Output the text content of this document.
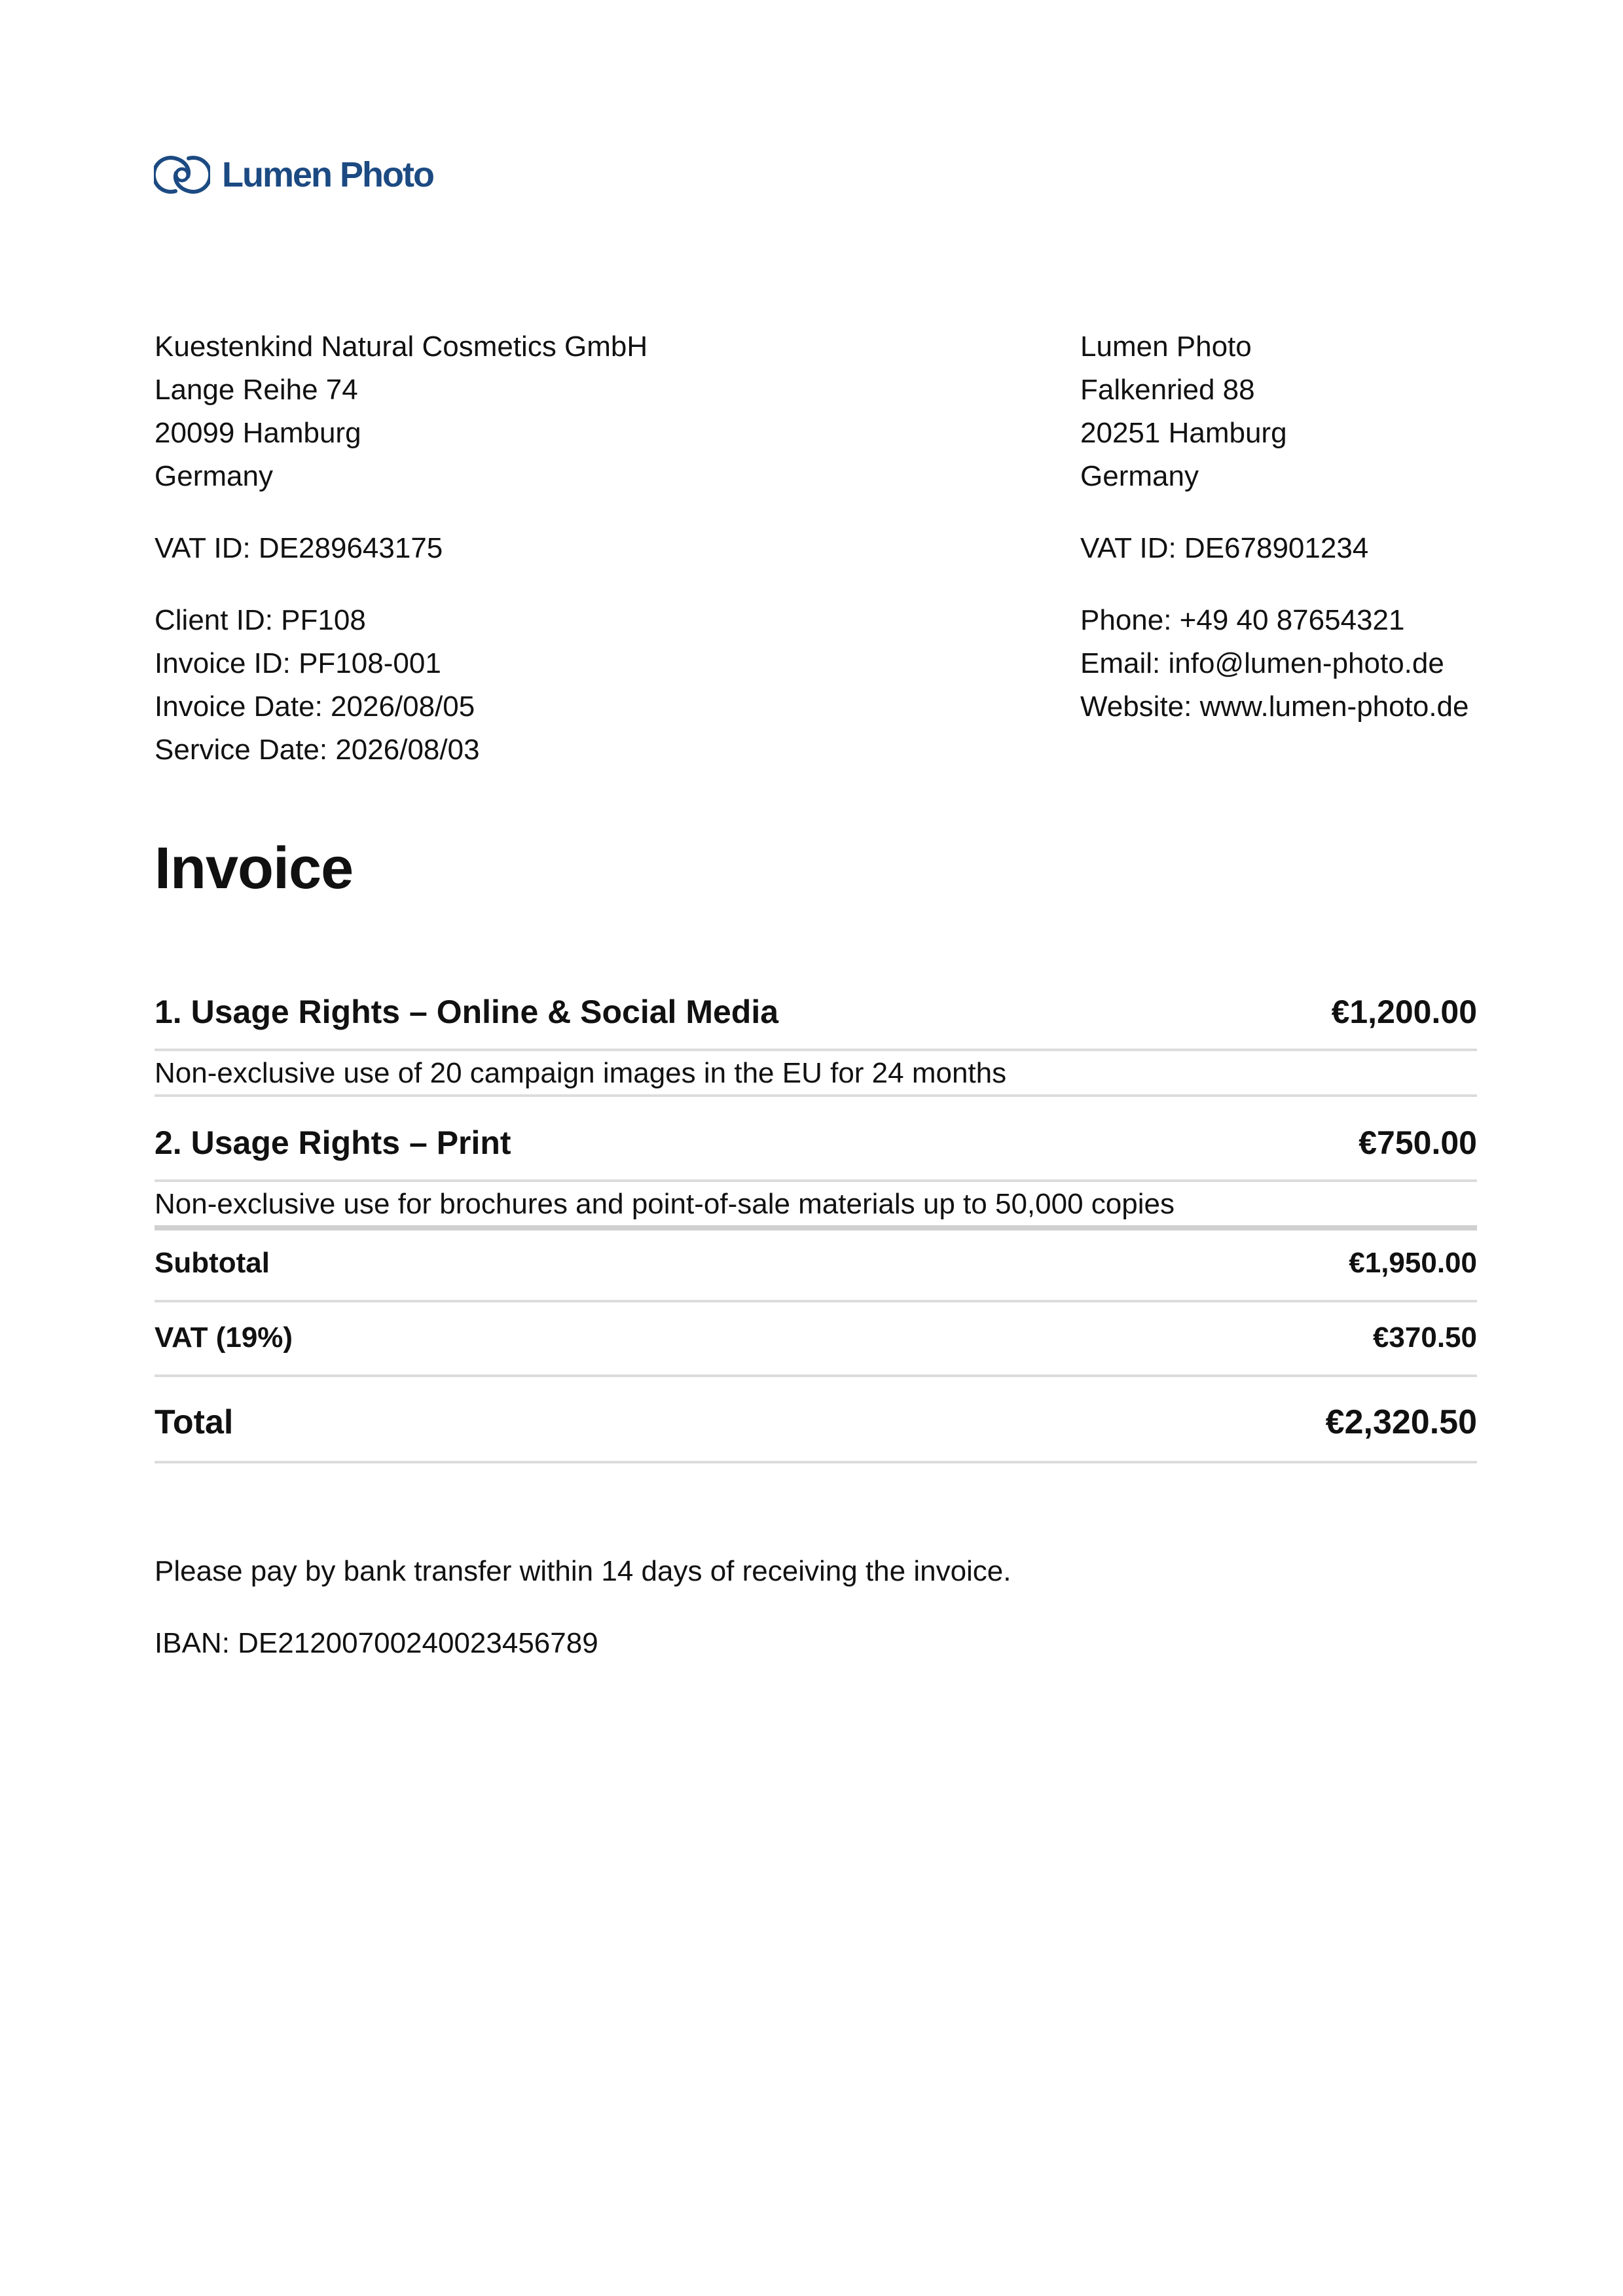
Lumen Photo
Kuestenkind Natural Cosmetics GmbH
Lange Reihe 74
20099 Hamburg
Germany
VAT ID: DE289643175
Client ID: PF108
Invoice ID: PF108-001
Invoice Date: 2026/08/05
Service Date: 2026/08/03
Lumen Photo
Falkenried 88
20251 Hamburg
Germany
VAT ID: DE678901234
Phone: +49 40 87654321
Email: info@lumen-photo.de
Website: www.lumen-photo.de
Invoice
1. Usage Rights – Online & Social Media	€1,200.00
Non-exclusive use of 20 campaign images in the EU for 24 months
2. Usage Rights – Print	€750.00
Non-exclusive use for brochures and point-of-sale materials up to 50,000 copies
Subtotal	€1,950.00
VAT (19%)	€370.50
Total	€2,320.50
Please pay by bank transfer within 14 days of receiving the invoice.
IBAN: DE21200700240023456789
